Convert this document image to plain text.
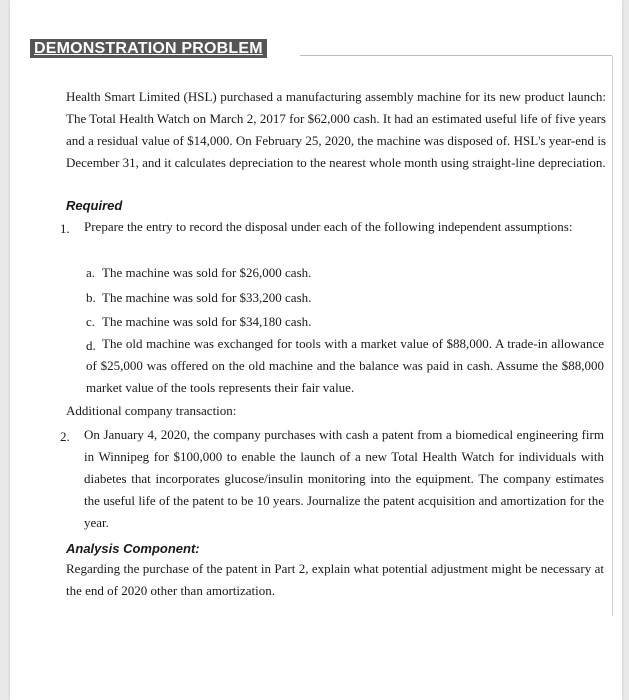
DEMONSTRATION PROBLEM
Health Smart Limited (HSL) purchased a manufacturing assembly machine for its new product launch: The Total Health Watch on March 2, 2017 for $62,000 cash. It had an estimated useful life of five years and a residual value of $14,000. On February 25, 2020, the machine was disposed of. HSL's year-end is December 31, and it calculates depreciation to the nearest whole month using straight-line depreciation.
Required
1. Prepare the entry to record the disposal under each of the following independent assumptions:
a. The machine was sold for $26,000 cash.
b. The machine was sold for $33,200 cash.
c. The machine was sold for $34,180 cash.
d. The old machine was exchanged for tools with a market value of $88,000. A trade-in allowance of $25,000 was offered on the old machine and the balance was paid in cash. Assume the $88,000 market value of the tools represents their fair value.
Additional company transaction:
2. On January 4, 2020, the company purchases with cash a patent from a biomedical engineering firm in Winnipeg for $100,000 to enable the launch of a new Total Health Watch for individuals with diabetes that incorporates glucose/insulin monitoring into the equipment. The company estimates the useful life of the patent to be 10 years. Journalize the patent acquisition and amortization for the year.
Analysis Component:
Regarding the purchase of the patent in Part 2, explain what potential adjustment might be necessary at the end of 2020 other than amortization.
